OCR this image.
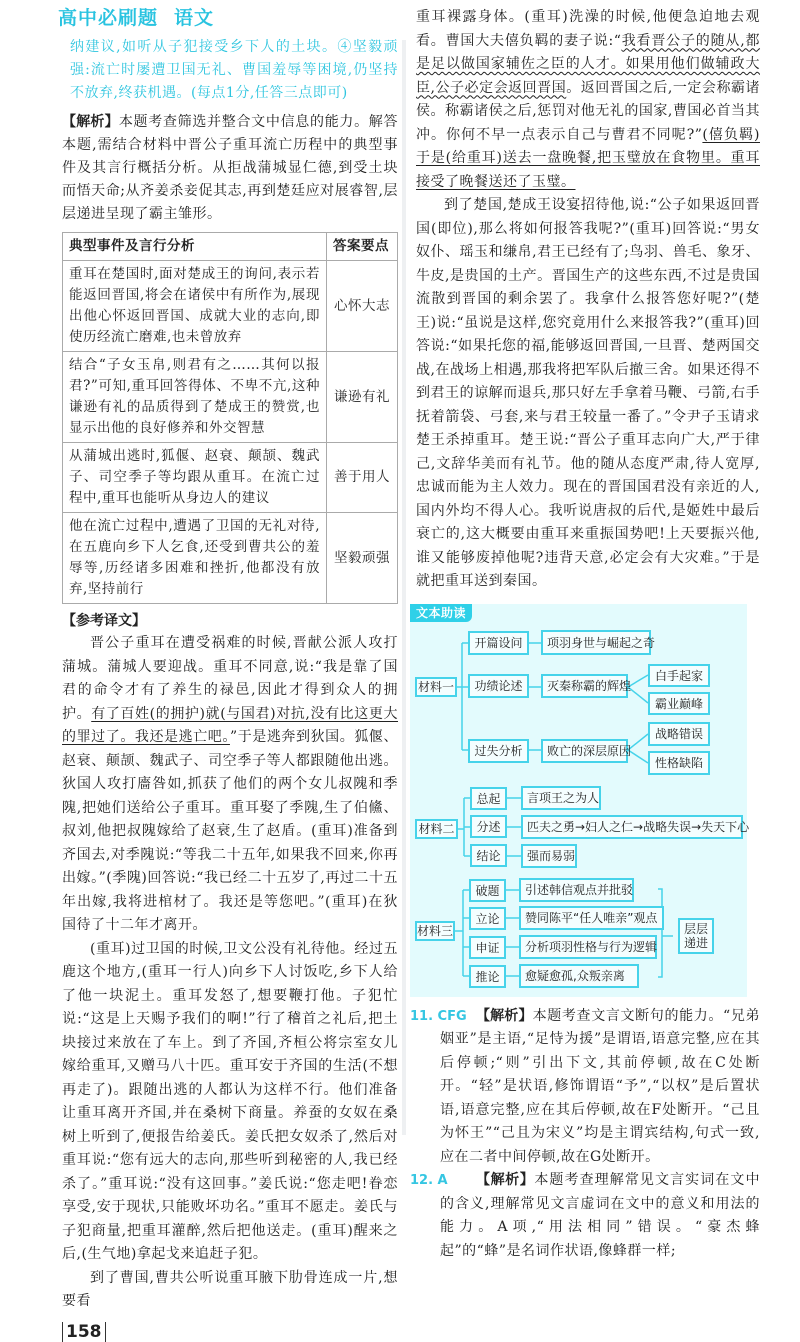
高中必刷题 语文
纳建议,如听从子犯接受乡下人的土块。④坚毅顽强:流亡时屡遭卫国无礼、曹国羞辱等困境,仍坚持不放弃,终获机遇。(每点1分,任答三点即可)
【解析】本题考查筛选并整合文中信息的能力。解答本题,需结合材料中晋公子重耳流亡历程中的典型事件及其言行概括分析。从拒战蒲城显仁德,到受土块而悟天命;从齐姜杀妾促其志,再到楚廷应对展睿智,层层递进呈现了霸主雏形。
典型事件及言行分析	答案要点
重耳在楚国时,面对楚成王的询问,表示若能返回晋国,将会在诸侯中有所作为,展现出他心怀返回晋国、成就大业的志向,即使历经流亡磨难,也未曾放弃	心怀大志
结合“子女玉帛,则君有之……其何以报君?”可知,重耳回答得体、不卑不亢,这种谦逊有礼的品质得到了楚成王的赞赏,也显示出他的良好修养和外交智慧	谦逊有礼
从蒲城出逃时,狐偃、赵衰、颠颉、魏武子、司空季子等均跟从重耳。在流亡过程中,重耳也能听从身边人的建议	善于用人
他在流亡过程中,遭遇了卫国的无礼对待,在五鹿向乡下人乞食,还受到曹共公的羞辱等,历经诸多困难和挫折,他都没有放弃,坚持前行	坚毅顽强
【参考译文】

晋公子重耳在遭受祸难的时候,晋献公派人攻打蒲城。蒲城人要迎战。重耳不同意,说:“我是靠了国君的命令才有了养生的禄邑,因此才得到众人的拥护。有了百姓(的拥护)就(与国君)对抗,没有比这更大的罪过了。我还是逃亡吧。”于是逃奔到狄国。狐偃、赵衰、颠颉、魏武子、司空季子等人都跟随他出逃。狄国人攻打廧咎如,抓获了他们的两个女儿叔隗和季隗,把她们送给公子重耳。重耳娶了季隗,生了伯鯈、叔刘,他把叔隗嫁给了赵衰,生了赵盾。(重耳)准备到齐国去,对季隗说:“等我二十五年,如果我不回来,你再出嫁。”(季隗)回答说:“我已经二十五岁了,再过二十五年出嫁,我将进棺材了。我还是等您吧。”(重耳)在狄国待了十二年才离开。

(重耳)过卫国的时候,卫文公没有礼待他。经过五鹿这个地方,(重耳一行人)向乡下人讨饭吃,乡下人给了他一块泥土。重耳发怒了,想要鞭打他。子犯忙说:“这是上天赐予我们的啊!”行了稽首之礼后,把土块接过来放在了车上。到了齐国,齐桓公将宗室女儿嫁给重耳,又赠马八十匹。重耳安于齐国的生活(不想再走了)。跟随出逃的人都认为这样不行。他们准备让重耳离开齐国,并在桑树下商量。养蚕的女奴在桑树上听到了,便报告给姜氏。姜氏把女奴杀了,然后对重耳说:“您有远大的志向,那些听到秘密的人,我已经杀了。”重耳说:“没有这回事。”姜氏说:“您走吧!眷恋享受,安于现状,只能败坏功名。”重耳不愿走。姜氏与子犯商量,把重耳灌醉,然后把他送走。(重耳)醒来之后,(生气地)拿起戈来追赶子犯。

到了曹国,曹共公听说重耳腋下肋骨连成一片,想要看

158

重耳裸露身体。(重耳)洗澡的时候,他便急迫地去观看。曹国大夫僖负羁的妻子说:“我看晋公子的随从,都是足以做国家辅佐之臣的人才。如果用他们做辅政大臣,公子必定会返回晋国。返回晋国之后,一定会称霸诸侯。称霸诸侯之后,惩罚对他无礼的国家,曹国必首当其冲。你何不早一点表示自己与曹君不同呢?”(僖负羁)于是(给重耳)送去一盘晚餐,把玉璧放在食物里。重耳接受了晚餐送还了玉璧。

到了楚国,楚成王设宴招待他,说:“公子如果返回晋国(即位),那么将如何报答我呢?”(重耳)回答说:“男女奴仆、瑶玉和缣帛,君王已经有了;鸟羽、兽毛、象牙、牛皮,是贵国的土产。晋国生产的这些东西,不过是贵国流散到晋国的剩余罢了。我拿什么报答您好呢?”(楚王)说:“虽说是这样,您究竟用什么来报答我?”(重耳)回答说:“如果托您的福,能够返回晋国,一旦晋、楚两国交战,在战场上相遇,那我将把军队后撤三舍。如果还得不到君王的谅解而退兵,那只好左手拿着马鞭、弓箭,右手抚着箭袋、弓套,来与君王较量一番了。”令尹子玉请求楚王杀掉重耳。楚王说:“晋公子重耳志向广大,严于律己,文辞华美而有礼节。他的随从态度严肃,待人宽厚,忠诚而能为主人效力。现在的晋国国君没有亲近的人,国内外均不得人心。我听说唐叔的后代,是姬姓中最后衰亡的,这大概要由重耳来重振国势吧!上天要振兴他,谁又能够废掉他呢?违背天意,必定会有大灾难。”于是就把重耳送到秦国。

文本助读
材料一
开篇设问	项羽身世与崛起之奇
功绩论述	灭秦称霸的辉煌
白手起家
霸业巅峰
过失分析	败亡的深层原因
战略错误
性格缺陷
材料二
总起	言项王之为人
分述	匹夫之勇→妇人之仁→战略失误→失天下心
结论	强而易弱
材料三
破题	引述韩信观点并批驳
立论	赞同陈平“任人唯亲”观点
申证	分析项羽性格与行为逻辑
推论	愈疑愈孤,众叛亲离
层层递进
11. CFG 【解析】本题考查文言文断句的能力。“兄弟姻亚”是主语,“足恃为援”是谓语,语意完整,应在其后停顿;“则”引出下文,其前停顿,故在C处断开。“轻”是状语,修饰谓语“予”,“以权”是后置状语,语意完整,应在其后停顿,故在F处断开。“己且为怀王”“己且为宋义”均是主谓宾结构,句式一致,应在二者中间停顿,故在G处断开。
12. A	【解析】本题考查理解常见文言实词在文中的含义,理解常见文言虚词在文中的意义和用法的能力。A项,“用法相同”错误。“豪杰蜂起”的“蜂”是名词作状语,像蜂群一样;
